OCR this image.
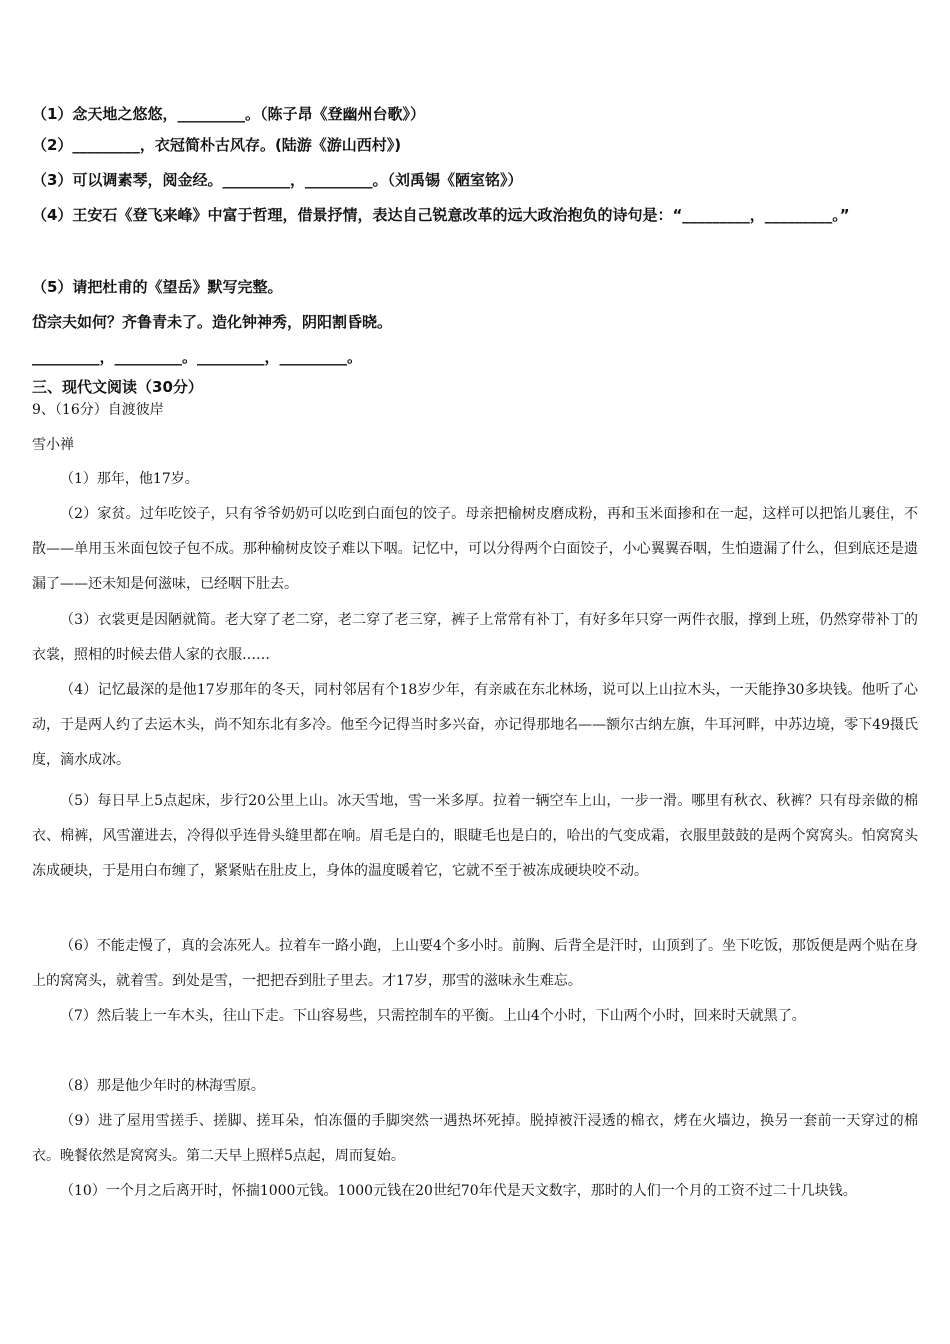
（1）念天地之悠悠，_________。（陈子昂《登幽州台歌》）
（2）_________，衣冠简朴古风存。(陆游《游山西村》)
（3）可以调素琴，阅金经。_________，_________。（刘禹锡《陋室铭》）
（4）王安石《登飞来峰》中富于哲理，借景抒情，表达自己锐意改革的远大政治抱负的诗句是：“_________，_________。”
（5）请把杜甫的《望岳》默写完整。
岱宗夫如何？齐鲁青未了。造化钟神秀，阴阳割昏晓。
_________，_________。_________，_________。
三、现代文阅读（30分）
9、（16分）自渡彼岸
雪小禅
（1）那年，他17岁。
（2）家贫。过年吃饺子，只有爷爷奶奶可以吃到白面包的饺子。母亲把榆树皮磨成粉，再和玉米面掺和在一起，这样可以把馅儿裹住，不散——单用玉米面包饺子包不成。那种榆树皮饺子难以下咽。记忆中，可以分得两个白面饺子，小心翼翼吞咽，生怕遗漏了什么，但到底还是遗漏了——还未知是何滋味，已经咽下肚去。
（3）衣裳更是因陋就简。老大穿了老二穿，老二穿了老三穿，裤子上常常有补丁，有好多年只穿一两件衣服，撑到上班，仍然穿带补丁的衣裳，照相的时候去借人家的衣服……
（4）记忆最深的是他17岁那年的冬天，同村邻居有个18岁少年，有亲戚在东北林场，说可以上山拉木头，一天能挣30多块钱。他听了心动，于是两人约了去运木头，尚不知东北有多冷。他至今记得当时多兴奋，亦记得那地名——额尔古纳左旗，牛耳河畔，中苏边境，零下49摄氏度，滴水成冰。
（5）每日早上5点起床，步行20公里上山。冰天雪地，雪一米多厚。拉着一辆空车上山，一步一滑。哪里有秋衣、秋裤？只有母亲做的棉衣、棉裤，风雪灌进去，冷得似乎连骨头缝里都在响。眉毛是白的，眼睫毛也是白的，哈出的气变成霜，衣服里鼓鼓的是两个窝窝头。怕窝窝头冻成硬块，于是用白布缠了，紧紧贴在肚皮上，身体的温度暖着它，它就不至于被冻成硬块咬不动。
（6）不能走慢了，真的会冻死人。拉着车一路小跑，上山要4个多小时。前胸、后背全是汗时，山顶到了。坐下吃饭，那饭便是两个贴在身上的窝窝头，就着雪。到处是雪，一把把吞到肚子里去。才17岁，那雪的滋味永生难忘。
（7）然后装上一车木头，往山下走。下山容易些，只需控制车的平衡。上山4个小时，下山两个小时，回来时天就黑了。
（8）那是他少年时的林海雪原。
（9）进了屋用雪搓手、搓脚、搓耳朵，怕冻僵的手脚突然一遇热坏死掉。脱掉被汗浸透的棉衣，烤在火墙边，换另一套前一天穿过的棉衣。晚餐依然是窝窝头。第二天早上照样5点起，周而复始。
（10）一个月之后离开时，怀揣1000元钱。1000元钱在20世纪70年代是天文数字，那时的人们一个月的工资不过二十几块钱。
